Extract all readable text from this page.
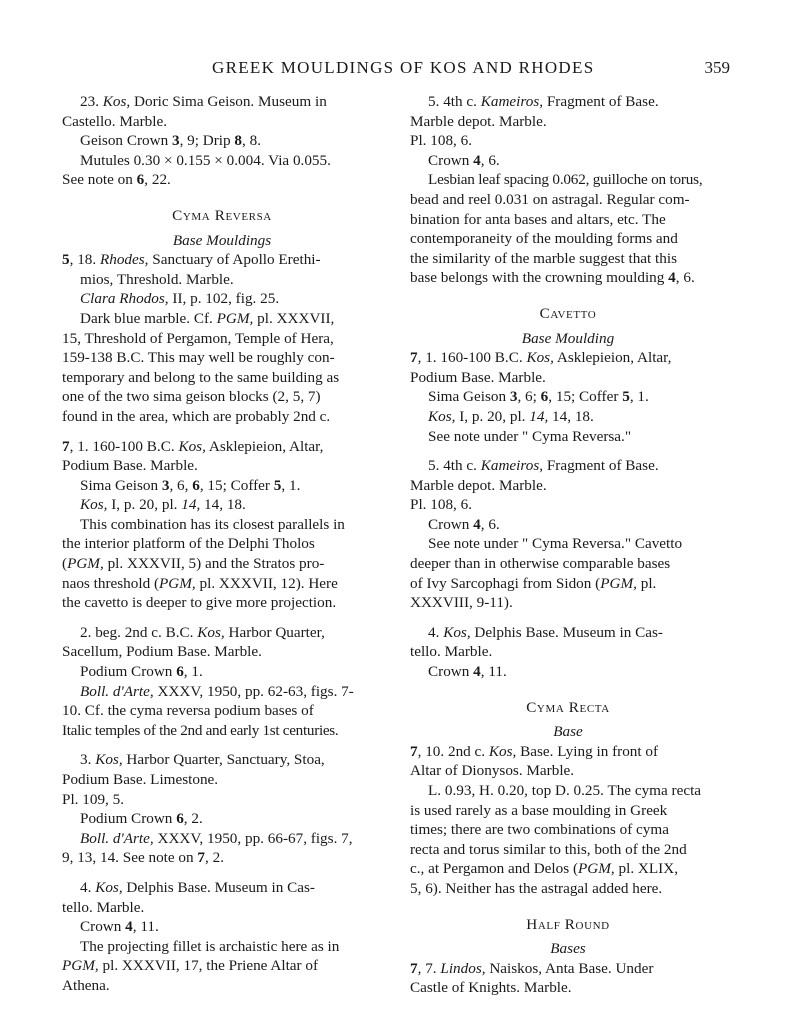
GREEK MOULDINGS OF KOS AND RHODES	359

23. Kos, Doric Sima Geison. Museum in

Castello. Marble.

Geison Crown 3, 9; Drip 8, 8.

Mutules 0.30 × 0.155 × 0.004. Via 0.055.

See note on 6, 22.

Cyma Reversa

Base Mouldings

5, 18. Rhodes, Sanctuary of Apollo Erethi-

mios, Threshold. Marble.

Clara Rhodos, II, p. 102, fig. 25.

Dark blue marble. Cf. PGM, pl. XXXVII,

15, Threshold of Pergamon, Temple of Hera,

159-138 B.C. This may well be roughly con-

temporary and belong to the same building as

one of the two sima geison blocks (2, 5, 7)

found in the area, which are probably 2nd c.

7, 1. 160-100 B.C. Kos, Asklepieion, Altar,

Podium Base. Marble.

Sima Geison 3, 6, 6, 15; Coffer 5, 1.

Kos, I, p. 20, pl. 14, 14, 18.

This combination has its closest parallels in

the interior platform of the Delphi Tholos

(PGM, pl. XXXVII, 5) and the Stratos pro-

naos threshold (PGM, pl. XXXVII, 12). Here

the cavetto is deeper to give more projection.

2. beg. 2nd c. B.C. Kos, Harbor Quarter,

Sacellum, Podium Base. Marble.

Podium Crown 6, 1.

Boll. d'Arte, XXXV, 1950, pp. 62-63, figs. 7-

10. Cf. the cyma reversa podium bases of

Italic temples of the 2nd and early 1st centuries.

3. Kos, Harbor Quarter, Sanctuary, Stoa,

Podium Base. Limestone.

Pl. 109, 5.

Podium Crown 6, 2.

Boll. d'Arte, XXXV, 1950, pp. 66-67, figs. 7,

9, 13, 14. See note on 7, 2.

4. Kos, Delphis Base. Museum in Cas-

tello. Marble.

Crown 4, 11.

The projecting fillet is archaistic here as in

PGM, pl. XXXVII, 17, the Priene Altar of

Athena.

5. 4th c. Kameiros, Fragment of Base.

Marble depot. Marble.

Pl. 108, 6.

Crown 4, 6.

Lesbian leaf spacing 0.062, guilloche on torus,

bead and reel 0.031 on astragal. Regular com-

bination for anta bases and altars, etc. The

contemporaneity of the moulding forms and

the similarity of the marble suggest that this

base belongs with the crowning moulding 4, 6.

Cavetto

Base Moulding

7, 1. 160-100 B.C. Kos, Asklepieion, Altar,

Podium Base. Marble.

Sima Geison 3, 6; 6, 15; Coffer 5, 1.

Kos, I, p. 20, pl. 14, 14, 18.

See note under " Cyma Reversa."

5. 4th c. Kameiros, Fragment of Base.

Marble depot. Marble.

Pl. 108, 6.

Crown 4, 6.

See note under " Cyma Reversa." Cavetto

deeper than in otherwise comparable bases

of Ivy Sarcophagi from Sidon (PGM, pl.

XXXVIII, 9-11).

4. Kos, Delphis Base. Museum in Cas-

tello. Marble.

Crown 4, 11.

Cyma Recta

Base

7, 10. 2nd c. Kos, Base. Lying in front of

Altar of Dionysos. Marble.

L. 0.93, H. 0.20, top D. 0.25. The cyma recta

is used rarely as a base moulding in Greek

times; there are two combinations of cyma

recta and torus similar to this, both of the 2nd

c., at Pergamon and Delos (PGM, pl. XLIX,

5, 6). Neither has the astragal added here.

Half Round

Bases

7, 7. Lindos, Naiskos, Anta Base. Under

Castle of Knights. Marble.
